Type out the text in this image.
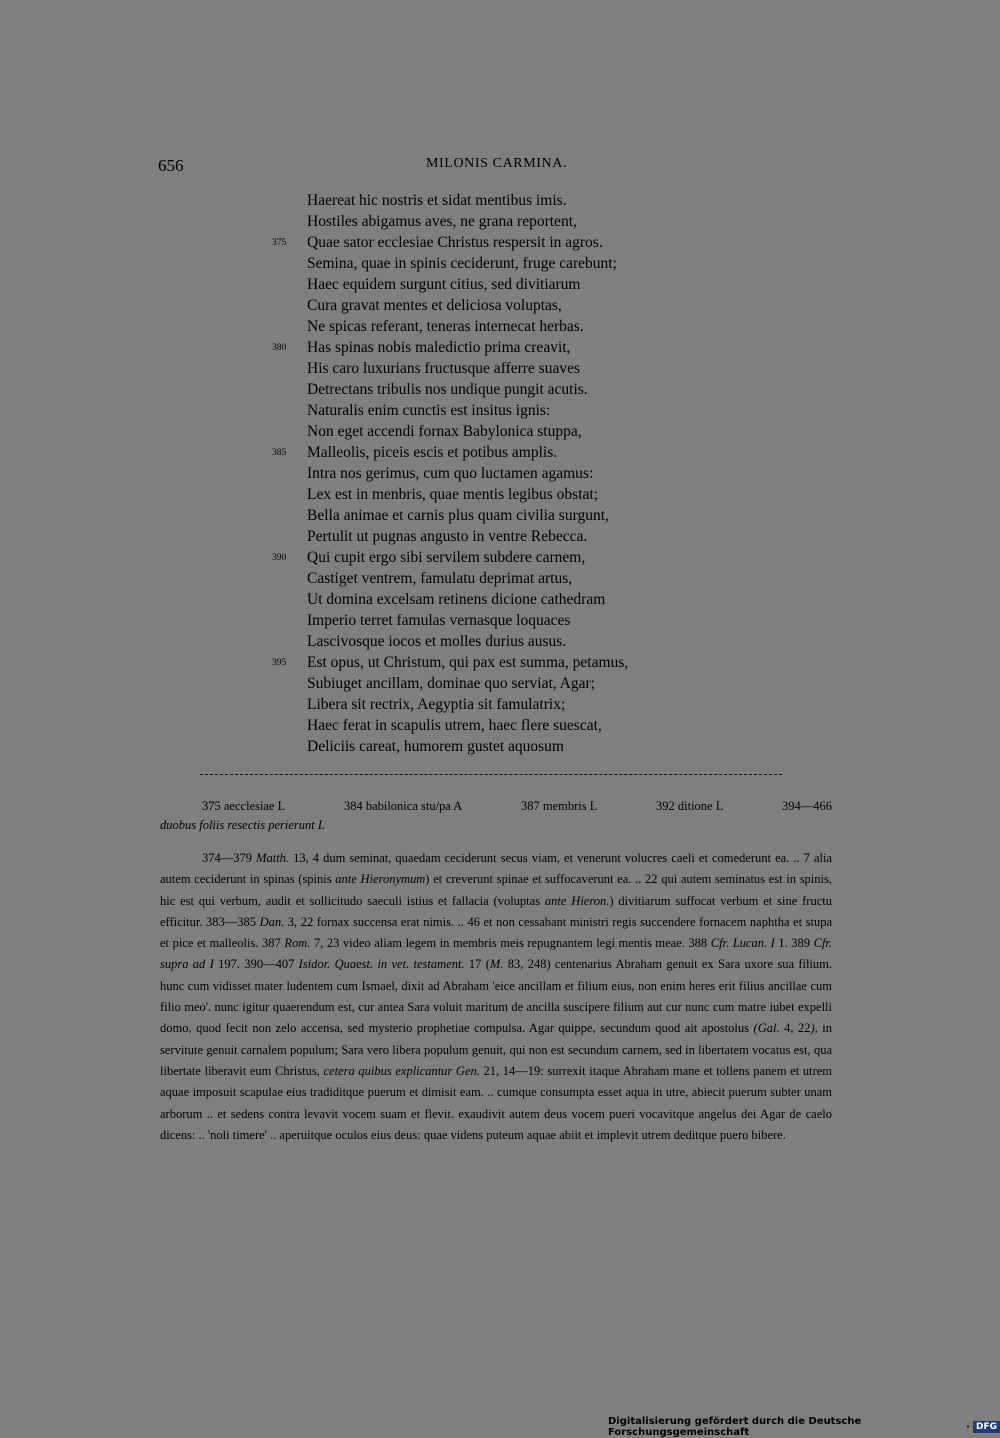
656	MILONIS CARMINA.
Haereat hic nostris et sidat mentibus imis.
Hostiles abigamus aves, ne grana reportent,
375 Quae sator ecclesiae Christus respersit in agros.
Semina, quae in spinis ceciderunt, fruge carebunt;
Haec equidem surgunt citius, sed divitiarum
Cura gravat mentes et deliciosa voluptas,
Ne spicas referant, teneras internecat herbas.
380 Has spinas nobis maledictio prima creavit,
His caro luxurians fructusque afferre suaves
Detrectans tribulis nos undique pungit acutis.
Naturalis enim cunctis est insitus ignis:
Non eget accendi fornax Babylonica stuppa,
385 Malleolis, piceis escis et potibus amplis.
Intra nos gerimus, cum quo luctamen agamus:
Lex est in menbris, quae mentis legibus obstat;
Bella animae et carnis plus quam civilia surgunt,
Pertulit ut pugnas angusto in ventre Rebecca.
390 Qui cupit ergo sibi servilem subdere carnem,
Castiget ventrem, famulatu deprimat artus,
Ut domina excelsam retinens dicione cathedram
Imperio terret famulas vernasque loquaces
Lascivosque iocos et molles durius ausus.
395 Est opus, ut Christum, qui pax est summa, petamus,
Subiuget ancillam, dominae quo serviat, Agar;
Libera sit rectrix, Aegyptia sit famulatrix;
Haec ferat in scapulis utrem, haec flere suescat,
Deliciis careat, humorem gustet aquosum
375 aecclesiae L	384 babilonica stu/pa A	387 membris L	392 ditione L	394—466
duobus foliis resectis perierunt L
374—379 Matth. 13, 4 dum seminat, quaedam ceciderunt secus viam, et venerunt volucres caeli et comederunt ea. .. 7 alia autem ceciderunt in spinas (spinis ante Hieronymum) et creverunt spinae et suffocaverunt ea. .. 22 qui autem seminatus est in spinis, hic est qui verbum, audit et sollicitudo saeculi istius et fallacia (voluptas ante Hieron.) divitiarum suffocat verbum et sine fructu efficitur. 383—385 Dan. 3, 22 fornax succensa erat nimis. .. 46 et non cessabant ministri regis succendere fornacem naphtha et stupa et pice et malleolis. 387 Rom. 7, 23 video aliam legem in membris meis repugnantem legi mentis meae. 388 Cfr. Lucan. I 1. 389 Cfr. supra ad I 197. 390—407 Isidor. Quaest. in vet. testament. 17 (M. 83, 248) centenarius Abraham genuit ex Sara uxore sua filium. hunc cum vidisset mater ludentem cum Ismael, dixit ad Abraham 'eice ancillam et filium eius, non enim heres erit filius ancillae cum filio meo'. nunc igitur quaerendum est, cur antea Sara voluit maritum de ancilla suscipere filium aut cur nunc cum matre iubet expelli domo, quod fecit non zelo accensa, sed mysterio prophetiae compulsa. Agar quippe, secundum quod ait apostolus (Gal. 4, 22), in servitute genuit carnalem populum; Sara vero libera populum genuit, qui non est secundum carnem, sed in libertatem vocatus est, qua libertate liberavit eum Christus, cetera quibus explicantur Gen. 21, 14—19: surrexit itaque Abraham mane et tollens panem et utrem aquae imposuit scapulae eius tradiditque puerum et dimisit eam. .. cumque consumpta esset aqua in utre, abiecit puerum subter unam arborum .. et sedens contra levavit vocem suam et flevit. exaudivit autem deus vocem pueri vocavitque angelus dei Agar de caelo dicens: .. 'noli timere' .. aperuitque oculos eius deus: quae videns puteum aquae abiit et implevit utrem deditque puero bibere.
Digitalisierung gefördert durch die Deutsche Forschungsgemeinschaft	· DFG
